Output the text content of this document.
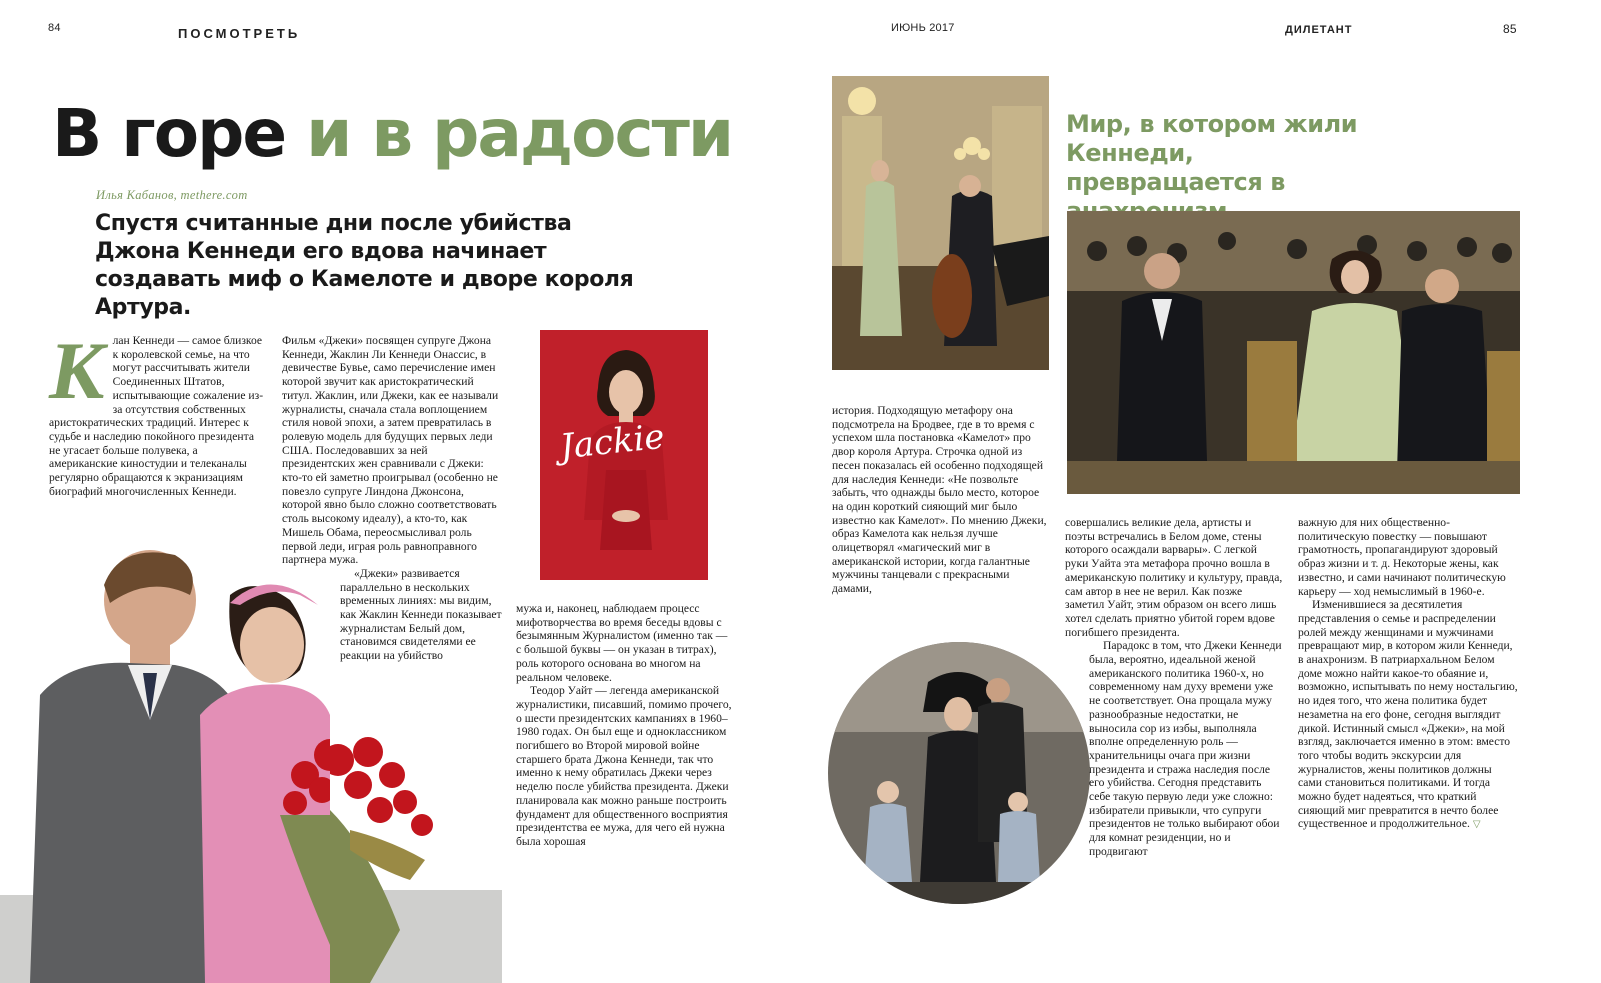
84	ПОСМОТРЕТЬ	ИЮНЬ 2017	ДИЛЕТАНТ	85
В горе и в радости
Илья Кабанов, methere.com
Спустя считанные дни после убийства Джона Кеннеди его вдова начинает создавать миф о Камелоте и дворе короля Артура.
К лан Кеннеди — самое близкое к королевской семье, на что могут рассчитывать жители Соединенных Штатов, испытывающие сожаление из-за отсутствия собственных аристократических традиций. Интерес к судьбе и наследию покойного президента не угасает больше полувека, а американские киностудии и телеканалы регулярно обращаются к экранизациям биографий многочисленных Кеннеди.

Фильм «Джеки» посвящен супруге Джона Кеннеди, Жаклин Ли Кеннеди Онассис, в девичестве Бувье, само перечисление имен которой звучит как аристократический титул. Жаклин, или Джеки, как ее называли журналисты, сначала стала воплощением стиля новой эпохи, а затем превратилась в ролевую модель для будущих первых леди США. Последовавших за ней президентских жен сравнивали с Джеки: кто-то ей заметно проигрывал (особенно не повезло супруге Линдона Джонсона, которой явно было сложно соответствовать столь высокому идеалу), а кто-то, как Мишель Обама, переосмысливал роль первой леди, играя роль равноправного партнера мужа.

«Джеки» развивается параллельно в нескольких временных линиях: мы видим, как Жаклин Кеннеди показывает журналистам Белый дом, становимся свидетелями ее реакции на убийство

Jackie

мужа и, наконец, наблюдаем процесс мифотворчества во время беседы вдовы с безымянным Журналистом (именно так — с большой буквы — он указан в титрах), роль которого основана во многом на реальном человеке.

Теодор Уайт — легенда американской журналистики, писавший, помимо прочего, о шести президентских кампаниях в 1960–1980 годах. Он был еще и одноклассником погибшего во Второй мировой войне старшего брата Джона Кеннеди, так что именно к нему обратилась Джеки через неделю после убийства президента. Джеки планировала как можно раньше построить фундамент для общественного восприятия президентства ее мужа, для чего ей нужна была хорошая

Мир, в котором жили Кеннеди, превращается в

история. Подходящую метафору она подсмотрела на Бродвее, где в то время с успехом шла постановка «Камелот» про двор короля Артура. Строчка одной из песен показалась ей особенно подходящей для наследия Кеннеди: «Не позвольте забыть, что однажды было место, которое на один короткий сияющий миг было известно как Камелот». По мнению Джеки, образ Камелота как нельзя лучше олицетворял «магический миг в американской истории, когда галантные мужчины танцевали с прекрасными дамами,

совершались великие дела, артисты и поэты встречались в Белом доме, стены которого осаждали варвары». С легкой руки Уайта эта метафора прочно вошла в американскую политику и культуру, правда, сам автор в нее не верил. Как позже заметил Уайт, этим образом он всего лишь хотел сделать приятно убитой горем вдове погибшего президента.

Парадокс в том, что Джеки Кеннеди была, вероятно, идеальной женой американского политика 1960-х, но современному нам духу времени уже не соответствует. Она прощала мужу разнообразные недостатки, не выносила сор из избы, выполняла вполне определенную роль — хранительницы очага при жизни президента и стража наследия после его убийства. Сегодня представить себе такую первую леди уже сложно: избиратели привыкли, что супруги президентов не только выбирают обои для комнат резиденции, но и продвигают

важную для них общественно-политическую повестку — повышают грамотность, пропагандируют здоровый образ жизни и т. д. Некоторые жены, как известно, и сами начинают политическую карьеру — ход немыслимый в 1960-е.

Изменившиеся за десятилетия представления о семье и распределении ролей между женщинами и мужчинами превращают мир, в котором жили Кеннеди, в анахронизм. В патриархальном Белом доме можно найти какое-то обаяние и, возможно, испытывать по нему ностальгию, но идея того, что жена политика будет незаметна на его фоне, сегодня выглядит дикой. Истинный смысл «Джеки», на мой взгляд, заключается именно в этом: вместо того чтобы водить экскурсии для журналистов, жены политиков должны сами становиться политиками. И тогда можно будет надеяться, что краткий сияющий миг превратится в нечто более существенное и продолжительное. ▽
